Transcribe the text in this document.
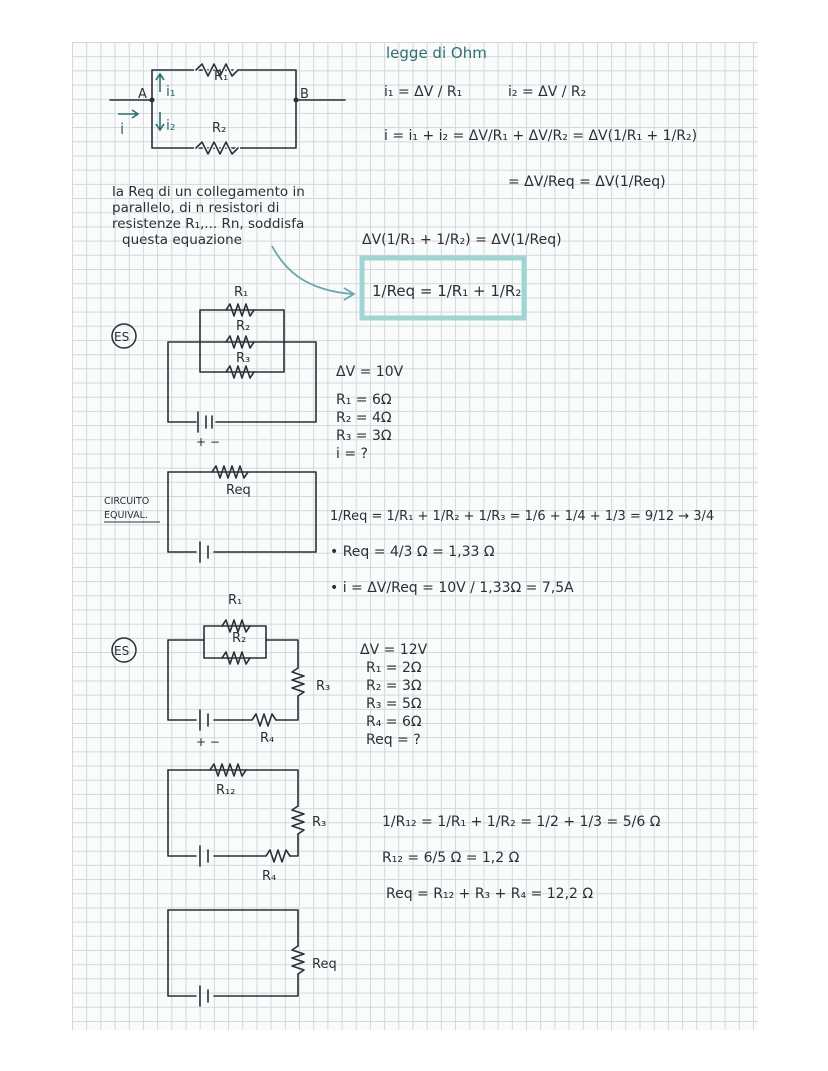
A	B
R₁
R₂
i₁
i₂
i
legge di Ohm
i₁ = ΔV / R₁	i₂ = ΔV / R₂
i = i₁ + i₂ = ΔV/R₁ + ΔV/R₂ = ΔV(1/R₁ + 1/R₂)
= ΔV/Req = ΔV(1/Req)
ΔV(1/R₁ + 1/R₂) = ΔV(1/Req)
1/Req = 1/R₁ + 1/R₂
la Req di un collegamento in
parallelo, di n resistori di
resistenze R₁,... Rn, soddisfa
questa equazione
ES
R₁
R₂
R₃
+ −
ΔV = 10V
R₁ = 6Ω
R₂ = 4Ω
R₃ = 3Ω
i = ?
Req
CIRCUITO
EQUIVAL.	1/Req = 1/R₁ + 1/R₂ + 1/R₃ = 1/6 + 1/4 + 1/3 = 9/12 → 3/4
• Req = 4/3 Ω = 1,33 Ω
• i = ΔV/Req = 10V / 1,33Ω = 7,5A
ES
R₁
R₂
R₃
R₄
+ −
ΔV = 12V
R₁ = 2Ω
R₂ = 3Ω
R₃ = 5Ω
R₄ = 6Ω
Req = ?
R₁₂
R₃
R₄
1/R₁₂ = 1/R₁ + 1/R₂ = 1/2 + 1/3 = 5/6 Ω
R₁₂ = 6/5 Ω = 1,2 Ω
Req = R₁₂ + R₃ + R₄ = 12,2 Ω
Req
